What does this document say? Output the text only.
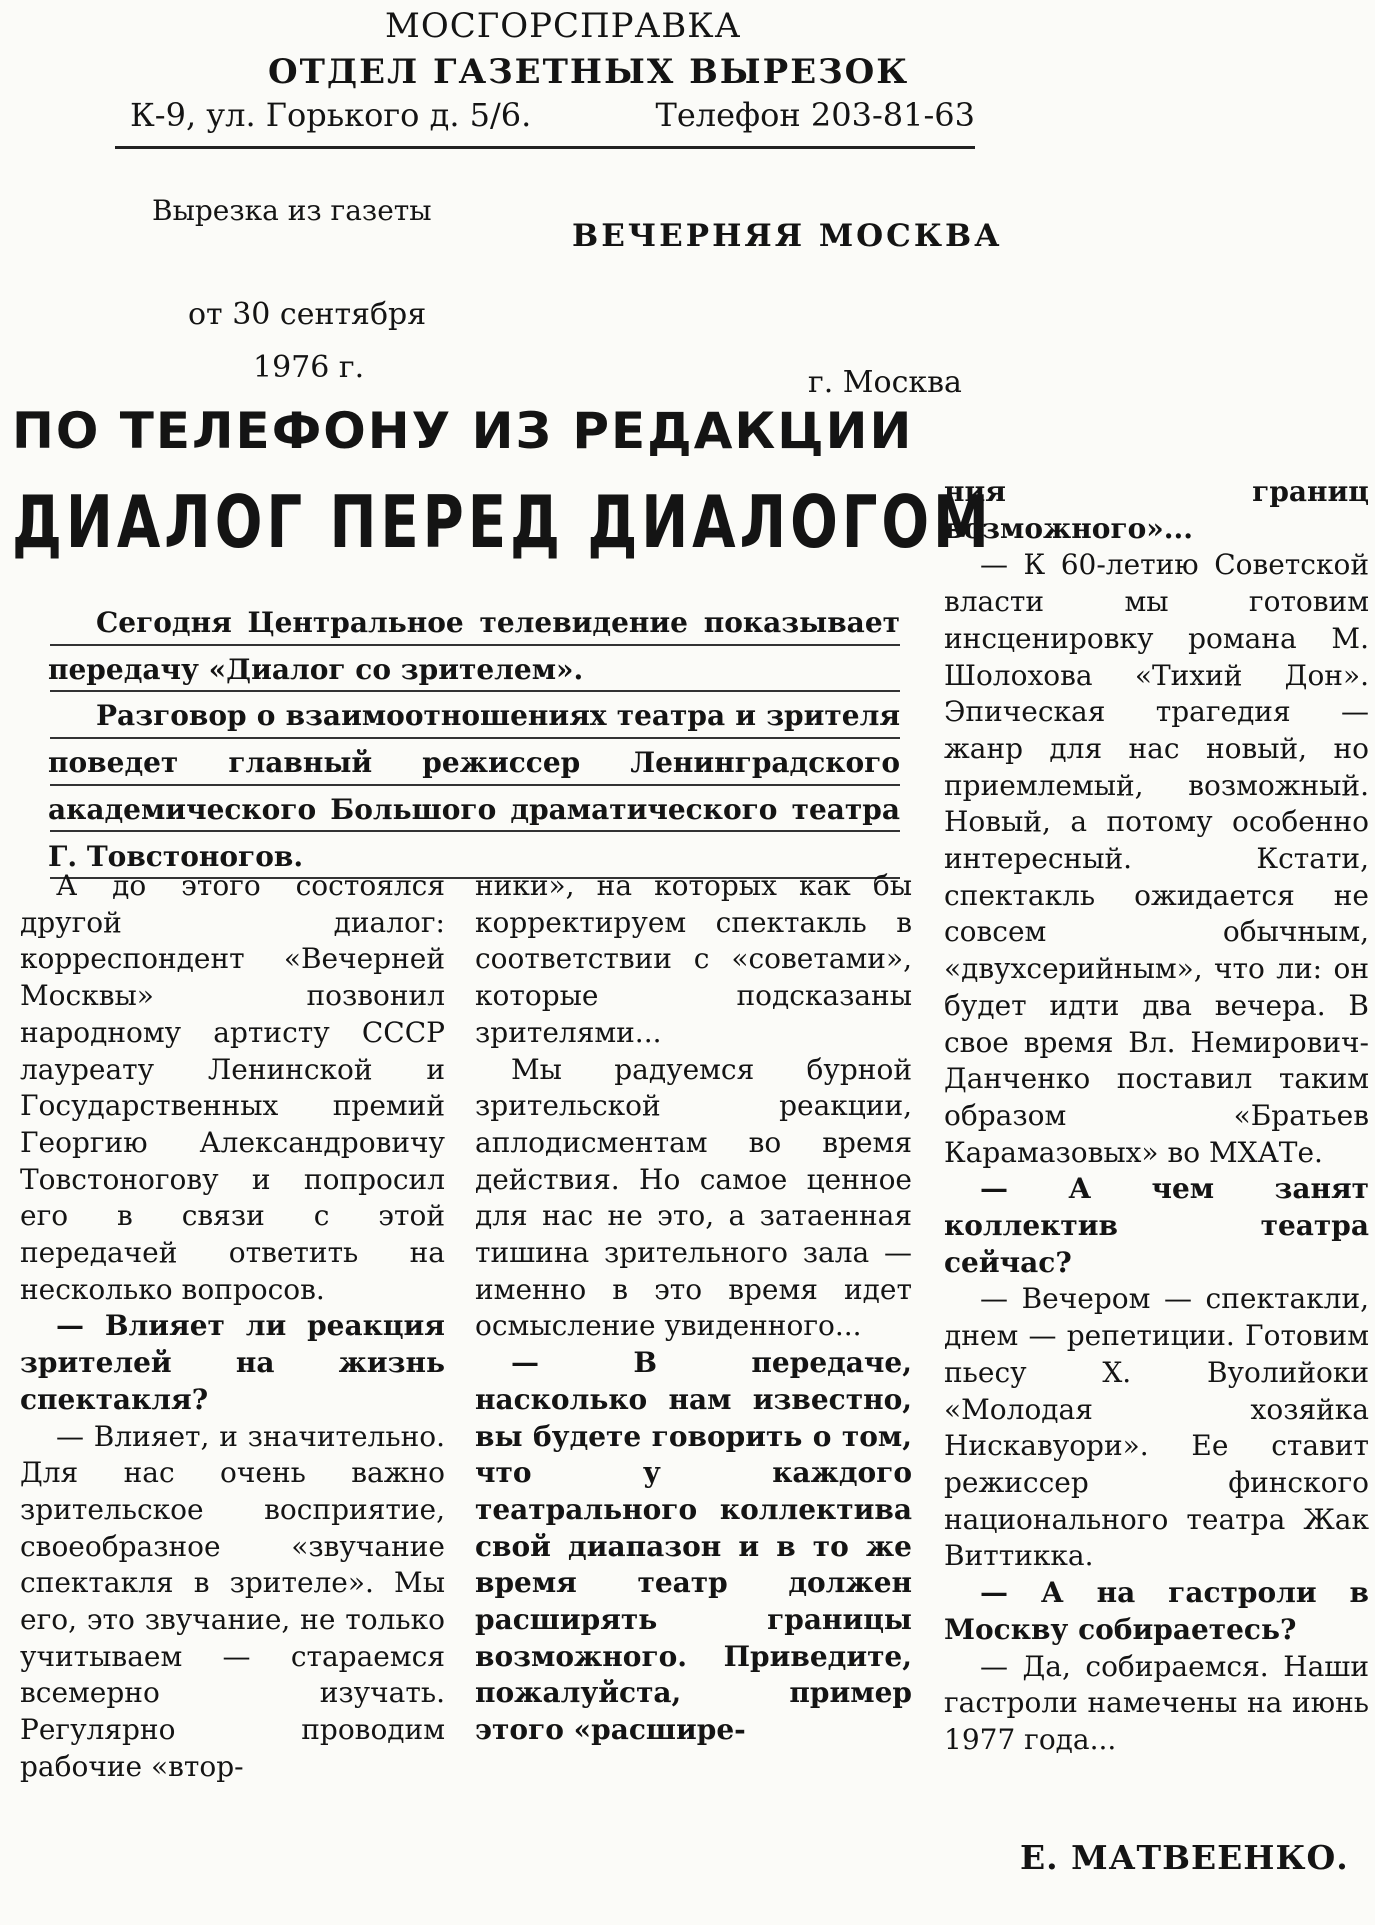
МОСГОРСПРАВКА
ОТДЕЛ ГАЗЕТНЫХ ВЫРЕЗОК
К-9, ул. Горького д. 5/6.	Телефон 203-81-63
Вырезка из газеты
ВЕЧЕРНЯЯ МОСКВА
от 30 сентября
1976 г.	г. Москва
ПО ТЕЛЕФОНУ ИЗ РЕДАКЦИИ
ДИАЛОГ ПЕРЕД ДИАЛОГОМ

Сегодня Центральное телевидение показывает передачу «Диалог со зрителем».

Разговор о взаимоотношениях театра и зрителя поведет главный режиссер Ленинградского академического Большого драматического театра Г. Товстоногов.

А до этого состоялся другой диалог: корреспондент «Вечерней Москвы» позвонил народному артисту СССР лауреату Ленинской и Государственных премий Георгию Александровичу Товстоногову и попросил его в связи с этой передачей ответить на несколько вопросов.

— Влияет ли реакция зрителей на жизнь спектакля?

— Влияет, и значительно. Для нас очень важно зрительское восприятие, своеобразное «звучание спектакля в зрителе». Мы его, это звучание, не только учитываем — стараемся всемерно изучать. Регулярно проводим рабочие «втор-

ники», на которых как бы корректируем спектакль в соответствии с «советами», которые подсказаны зрителями...

Мы радуемся бурной зрительской реакции, аплодисментам во время действия. Но самое ценное для нас не это, а затаенная тишина зрительного зала — именно в это время идет осмысление увиденного...

— В передаче, насколько нам известно, вы будете говорить о том, что у каждого театрального коллектива свой диапазон и в то же время театр должен расширять границы возможного. Приведите, пожалуйста, пример этого «расшире-

ния границ возможного»...

— К 60-летию Советской власти мы готовим инсценировку романа М. Шолохова «Тихий Дон». Эпическая трагедия — жанр для нас новый, но приемлемый, возможный. Новый, а потому особенно интересный. Кстати, спектакль ожидается не совсем обычным, «двухсерийным», что ли: он будет идти два вечера. В свое время Вл. Немирович-Данченко поставил таким образом «Братьев Карамазовых» во МХАТе.

— А чем занят коллектив театра сейчас?

— Вечером — спектакли, днем — репетиции. Готовим пьесу Х. Вуолийоки «Молодая хозяйка Нискавуори». Ее ставит режиссер финского национального театра Жак Виттикка.

— А на гастроли в Москву собираетесь?

— Да, собираемся. Наши гастроли намечены на июнь 1977 года...

Е. МАТВЕЕНКО.
